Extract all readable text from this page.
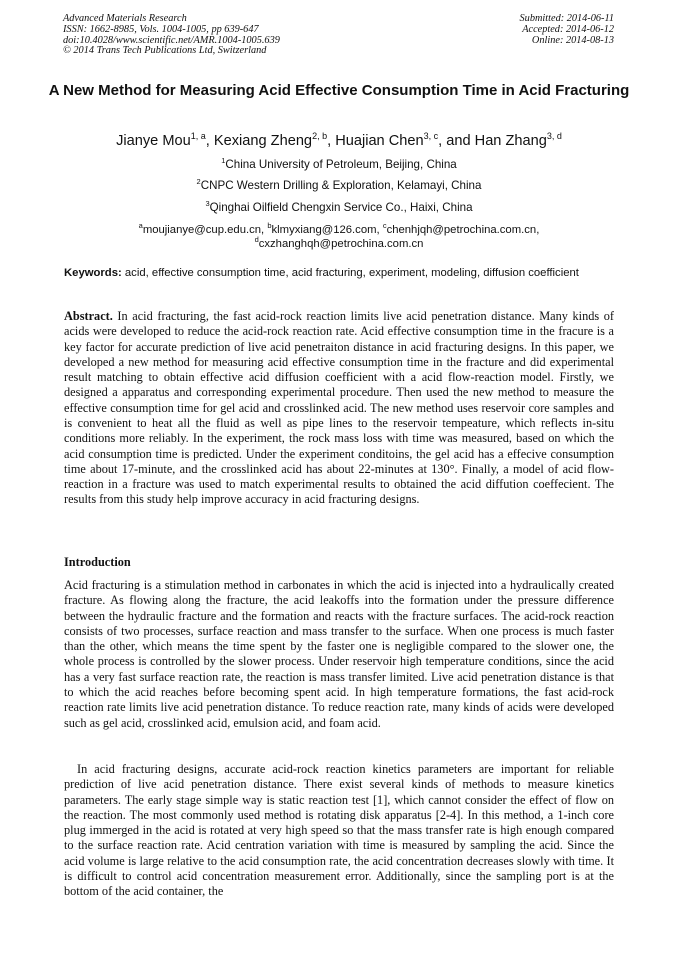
Advanced Materials Research
ISSN: 1662-8985, Vols. 1004-1005, pp 639-647
doi:10.4028/www.scientific.net/AMR.1004-1005.639
© 2014 Trans Tech Publications Ltd, Switzerland
Submitted: 2014-06-11
Accepted: 2014-06-12
Online: 2014-08-13
A New Method for Measuring Acid Effective Consumption Time in Acid Fracturing
Jianye Mou$^{1, a}$, Kexiang Zheng$^{2, b}$, Huajian Chen$^{3, c}$, and Han Zhang$^{3, d}$
$^1$China University of Petroleum, Beijing, China
$^2$CNPC Western Drilling & Exploration, Kelamayi, China
$^3$Qinghai Oilfield Chengxin Service Co., Haixi, China
$^a$moujianye@cup.edu.cn, $^b$klmyxiang@126.com, $^c$chenhjqh@petrochina.com.cn,
$^d$cxzhanghqh@petrochina.com.cn
Keywords: acid, effective consumption time, acid fracturing, experiment, modeling, diffusion coefficient
Abstract. In acid fracturing, the fast acid-rock reaction limits live acid penetration distance. Many kinds of acids were developed to reduce the acid-rock reaction rate. Acid effective consumption time in the fracure is a key factor for accurate prediction of live acid penetraiton distance in acid fracturing designs. In this paper, we developed a new method for measuring acid effective consumption time in the fracture and did experimental result matching to obtain effective acid diffusion coefficient with a acid flow-reaction model. Firstly, we designed a apparatus and corresponding experimental procedure. Then used the new method to measure the effective consumption time for gel acid and crosslinked acid. The new method uses reservoir core samples and is convenient to heat all the fluid as well as pipe lines to the reservoir tempeature, which reflects in-situ conditions more reliably. In the experiment, the rock mass loss with time was measured, based on which the acid consumption time is predicted. Under the experiment conditoins, the gel acid has a effecive consumption time about 17-minute, and the crosslinked acid has about 22-minutes at 130°. Finally, a model of acid flow-reaction in a fracture was used to match experimental results to obtained the acid diffution coeffecient. The results from this study help improve accuracy in acid fracturing designs.
Introduction
Acid fracturing is a stimulation method in carbonates in which the acid is injected into a hydraulically created fracture. As flowing along the fracture, the acid leakoffs into the formation under the pressure difference between the hydraulic fracture and the formation and reacts with the fracture surfaces. The acid-rock reaction consists of two processes, surface reaction and mass transfer to the surface. When one process is much faster than the other, which means the time spent by the faster one is negligible compared to the slower one, the whole process is controlled by the slower process. Under reservoir high temperature conditions, since the acid has a very fast surface reaction rate, the reaction is mass transfer limited. Live acid penetration distance is that to which the acid reaches before becoming spent acid. In high temperature formations, the fast acid-rock reaction rate limits live acid penetration distance. To reduce reaction rate, many kinds of acids were developed such as gel acid, crosslinked acid, emulsion acid, and foam acid.
In acid fracturing designs, accurate acid-rock reaction kinetics parameters are important for reliable prediction of live acid penetration distance. There exist several kinds of methods to measure kinetics parameters. The early stage simple way is static reaction test [1], which cannot consider the effect of flow on the reaction. The most commonly used method is rotating disk apparatus [2-4]. In this method, a 1-inch core plug immerged in the acid is rotated at very high speed so that the mass transfer rate is high enough compared to the surface reaction rate. Acid centration variation with time is measured by sampling the acid. Since the acid volume is large relative to the acid consumption rate, the acid concentration decreases slowly with time. It is difficult to control acid concentration measurement error. Additionally, since the sampling port is at the bottom of the acid container, the
